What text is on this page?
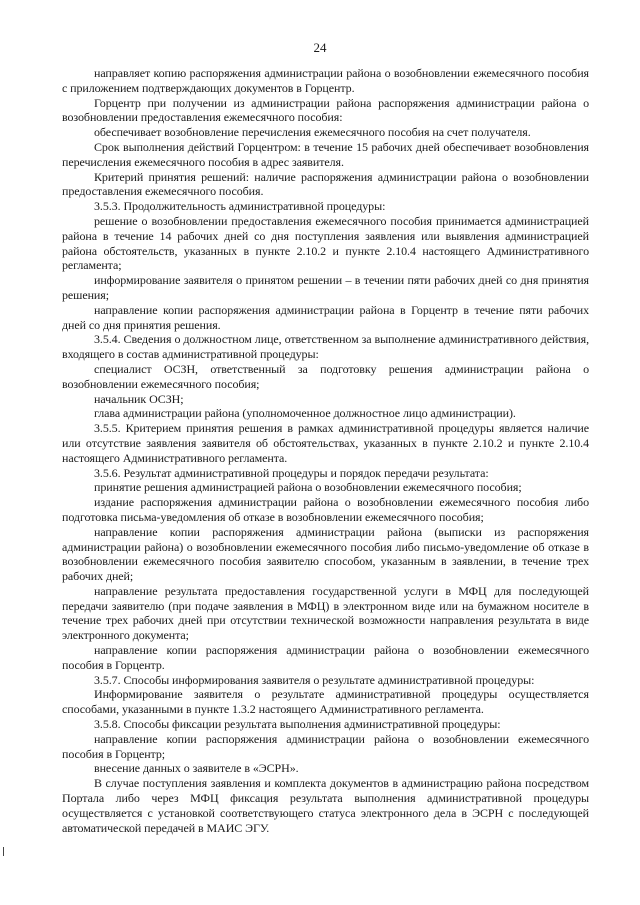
24

направляет копию распоряжения администрации района о возобновлении ежемесячного пособия с приложением подтверждающих документов в Горцентр.

Горцентр при получении из администрации района распоряжения администрации района о возобновлении предоставления ежемесячного пособия:

обеспечивает возобновление перечисления ежемесячного пособия на счет получателя.

Срок выполнения действий Горцентром: в течение 15 рабочих дней обеспечивает возобновления перечисления ежемесячного пособия в адрес заявителя.

Критерий принятия решений: наличие распоряжения администрации района о возобновлении предоставления ежемесячного пособия.

3.5.3. Продолжительность административной процедуры:

решение о возобновлении предоставления ежемесячного пособия принимается администрацией района в течение 14 рабочих дней со дня поступления заявления или выявления администрацией района обстоятельств, указанных в пункте 2.10.2 и пункте 2.10.4 настоящего Административного регламента;

информирование заявителя о принятом решении – в течении пяти рабочих дней со дня принятия решения;

направление копии распоряжения администрации района в Горцентр в течение пяти рабочих дней со дня принятия решения.

3.5.4. Сведения о должностном лице, ответственном за выполнение административного действия, входящего в состав административной процедуры:

специалист ОСЗН, ответственный за подготовку решения администрации района о возобновлении ежемесячного пособия;

начальник ОСЗН;

глава администрации района (уполномоченное должностное лицо администрации).

3.5.5. Критерием принятия решения в рамках административной процедуры является наличие или отсутствие заявления заявителя об обстоятельствах, указанных в пункте 2.10.2 и пункте 2.10.4 настоящего Административного регламента.

3.5.6. Результат административной процедуры и порядок передачи результата:

принятие решения администрацией района о возобновлении ежемесячного пособия;

издание распоряжения администрации района о возобновлении ежемесячного пособия либо подготовка письма-уведомления об отказе в возобновлении ежемесячного пособия;

направление копии распоряжения администрации района (выписки из распоряжения администрации района) о возобновлении ежемесячного пособия либо письмо-уведомление об отказе в возобновлении ежемесячного пособия заявителю способом, указанным в заявлении, в течение трех рабочих дней;

направление результата предоставления государственной услуги в МФЦ для последующей передачи заявителю (при подаче заявления в МФЦ) в электронном виде или на бумажном носителе в течение трех рабочих дней при отсутствии технической возможности направления результата в виде электронного документа;

направление копии распоряжения администрации района о возобновлении ежемесячного пособия в Горцентр.

3.5.7. Способы информирования заявителя о результате административной процедуры:

Информирование заявителя о результате административной процедуры осуществляется способами, указанными в пункте 1.3.2 настоящего Административного регламента.

3.5.8. Способы фиксации результата выполнения административной процедуры:

направление копии распоряжения администрации района о возобновлении ежемесячного пособия в Горцентр;

внесение данных о заявителе в «ЭСРН».

В случае поступления заявления и комплекта документов в администрацию района посредством Портала либо через МФЦ фиксация результата выполнения административной процедуры осуществляется с установкой соответствующего статуса электронного дела в ЭСРН с последующей автоматической передачей в МАИС ЭГУ.
